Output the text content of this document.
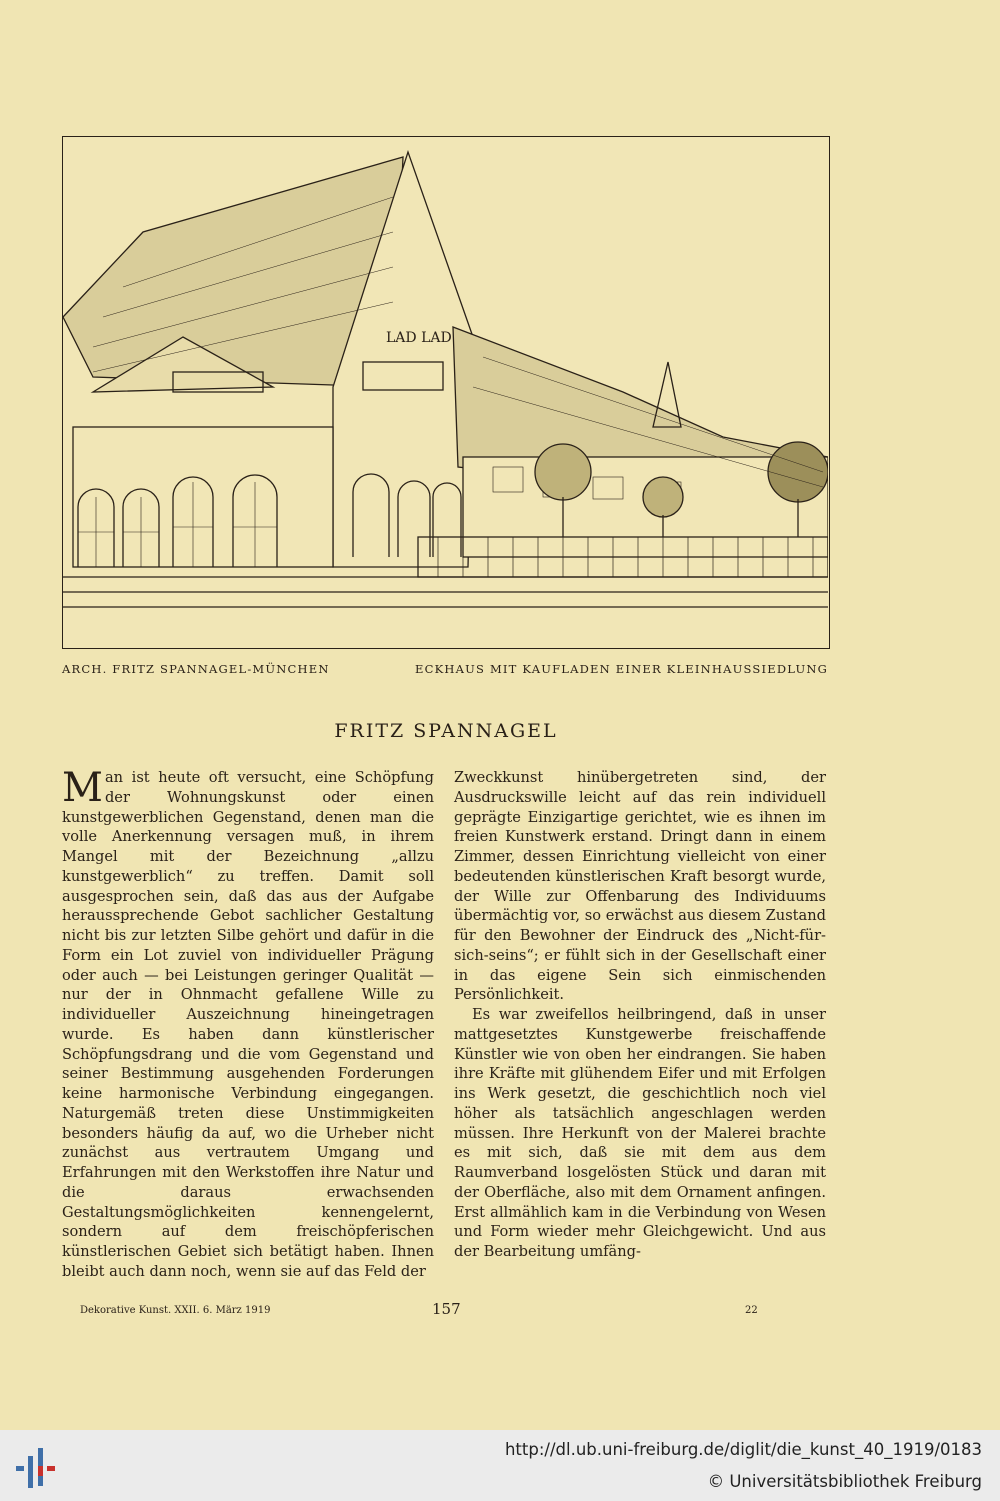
LAD LAD
ARCH. FRITZ SPANNAGEL-MÜNCHEN	ECKHAUS MIT KAUFLADEN EINER KLEINHAUSSIEDLUNG
FRITZ SPANNAGEL

Man ist heute oft versucht, eine Schöpfung der Wohnungskunst oder einen kunstgewerblichen Gegenstand, denen man die volle Anerkennung versagen muß, in ihrem Mangel mit der Bezeichnung „allzu kunstgewerblich“ zu treffen. Damit soll ausgesprochen sein, daß das aus der Aufgabe heraussprechende Gebot sachlicher Gestaltung nicht bis zur letzten Silbe gehört und dafür in die Form ein Lot zuviel von individueller Prägung oder auch — bei Leistungen geringer Qualität — nur der in Ohnmacht gefallene Wille zu individueller Auszeichnung hineingetragen wurde. Es haben dann künstlerischer Schöpfungsdrang und die vom Gegenstand und seiner Bestimmung ausgehenden Forderungen keine harmonische Verbindung eingegangen. Naturgemäß treten diese Unstimmigkeiten besonders häufig da auf, wo die Urheber nicht zunächst aus vertrautem Umgang und Erfahrungen mit den Werkstoffen ihre Natur und die daraus erwachsenden Gestaltungsmöglichkeiten kennengelernt, sondern auf dem freischöpferischen künstlerischen Gebiet sich betätigt haben. Ihnen bleibt auch dann noch, wenn sie auf das Feld der

Zweckkunst hinübergetreten sind, der Ausdruckswille leicht auf das rein individuell geprägte Einzigartige gerichtet, wie es ihnen im freien Kunstwerk erstand. Dringt dann in einem Zimmer, dessen Einrichtung vielleicht von einer bedeutenden künstlerischen Kraft besorgt wurde, der Wille zur Offenbarung des Individuums übermächtig vor, so erwächst aus diesem Zustand für den Bewohner der Eindruck des „Nicht-für-sich-seins“; er fühlt sich in der Gesellschaft einer in das eigene Sein sich einmischenden Persönlichkeit.

Es war zweifellos heilbringend, daß in unser mattgesetztes Kunstgewerbe freischaffende Künstler wie von oben her eindrangen. Sie haben ihre Kräfte mit glühendem Eifer und mit Erfolgen ins Werk gesetzt, die geschichtlich noch viel höher als tatsächlich angeschlagen werden müssen. Ihre Herkunft von der Malerei brachte es mit sich, daß sie mit dem aus dem Raumverband losgelösten Stück und daran mit der Oberfläche, also mit dem Ornament anfingen. Erst allmählich kam in die Verbindung von Wesen und Form wieder mehr Gleichgewicht. Und aus der Bearbeitung umfäng-

Dekorative Kunst. XXII. 6. März 1919	157	22
http://dl.ub.uni-freiburg.de/diglit/die_kunst_40_1919/0183
© Universitätsbibliothek Freiburg
